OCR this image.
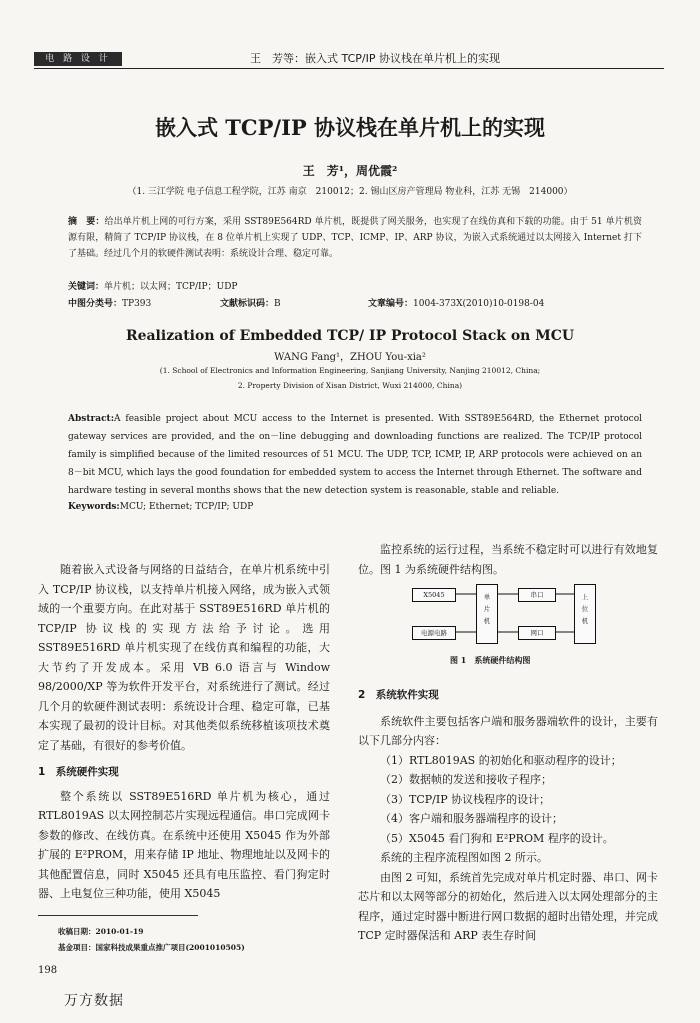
电 路 设 计	王　芳等：嵌入式 TCP/IP 协议栈在单片机上的实现
嵌入式 TCP/IP 协议栈在单片机上的实现
王　芳¹，周优霞²
（1. 三江学院 电子信息工程学院，江苏 南京　210012；2. 锡山区房产管理局 物业科，江苏 无锡　214000）
摘　要：给出单片机上网的可行方案，采用 SST89E564RD 单片机，既提供了网关服务，也实现了在线仿真和下载的功能。由于 51 单片机资源有限，精简了 TCP/IP 协议栈，在 8 位单片机上实现了 UDP、TCP、ICMP、IP、ARP 协议，为嵌入式系统通过以太网接入 Internet 打下了基础。经过几个月的软硬件测试表明：系统设计合理、稳定可靠。
关键词：单片机；以太网；TCP/IP；UDP
中图分类号：TP393	文献标识码：B	文章编号：1004-373X(2010)10-0198-04
Realization of Embedded TCP/ IP Protocol Stack on MCU
WANG Fang¹，ZHOU You-xia²
(1. School of Electronics and Information Engineering, Sanjiang University, Nanjing 210012, China;
2. Property Division of Xisan District, Wuxi 214000, China)
Abstract:A feasible project about MCU access to the Internet is presented. With SST89E564RD, the Ethernet protocol gateway services are provided, and the on－line debugging and downloading functions are realized. The TCP/IP protocol family is simplified because of the limited resources of 51 MCU. The UDP, TCP, ICMP, IP, ARP protocols were achieved on an 8－bit MCU, which lays the good foundation for embedded system to access the Internet through Ethernet. The software and hardware testing in several months shows that the new detection system is reasonable, stable and reliable.
Keywords:MCU; Ethernet; TCP/IP; UDP

随着嵌入式设备与网络的日益结合，在单片机系统中引入 TCP/IP 协议栈，以支持单片机接入网络，成为嵌入式领域的一个重要方向。在此对基于 SST89E516RD 单片机的 TCP/IP 协议栈的实现方法给予讨论。选用 SST89E516RD 单片机实现了在线仿真和编程的功能，大大节约了开发成本。采用 VB 6.0 语言与 Window 98/2000/XP 等为软件开发平台，对系统进行了测试。经过几个月的软硬件测试表明：系统设计合理、稳定可靠，已基本实现了最初的设计目标。对其他类似系统移植该项技术奠定了基础，有很好的参考价值。

1　系统硬件实现

整个系统以 SST89E516RD 单片机为核心，通过 RTL8019AS 以太网控制芯片实现远程通信。串口完成网卡参数的修改、在线仿真。在系统中还使用 X5045 作为外部扩展的 E²PROM，用来存储 IP 地址、物理地址以及网卡的其他配置信息，同时 X5045 还具有电压监控、看门狗定时器、上电复位三种功能，使用 X5045

监控系统的运行过程，当系统不稳定时可以进行有效地复位。图 1 为系统硬件结构图。

X5045	单
片
机
串口	上
位
机
电源电路	网口
图 1　系统硬件结构图

2　系统软件实现

系统软件主要包括客户端和服务器端软件的设计，主要有以下几部分内容：

（1）RTL8019AS 的初始化和驱动程序的设计；

（2）数据帧的发送和接收子程序；

（3）TCP/IP 协议栈程序的设计；

（4）客户端和服务器端程序的设计；

（5）X5045 看门狗和 E²PROM 程序的设计。

系统的主程序流程图如图 2 所示。

由图 2 可知，系统首先完成对单片机定时器、串口、网卡芯片和以太网等部分的初始化，然后进入以太网处理部分的主程序，通过定时器中断进行网口数据的超时出错处理，并完成 TCP 定时器保活和 ARP 表生存时间

收稿日期：2010-01-19
基金项目：国家科技成果重点推广项目(2001010505)
198
万方数据
